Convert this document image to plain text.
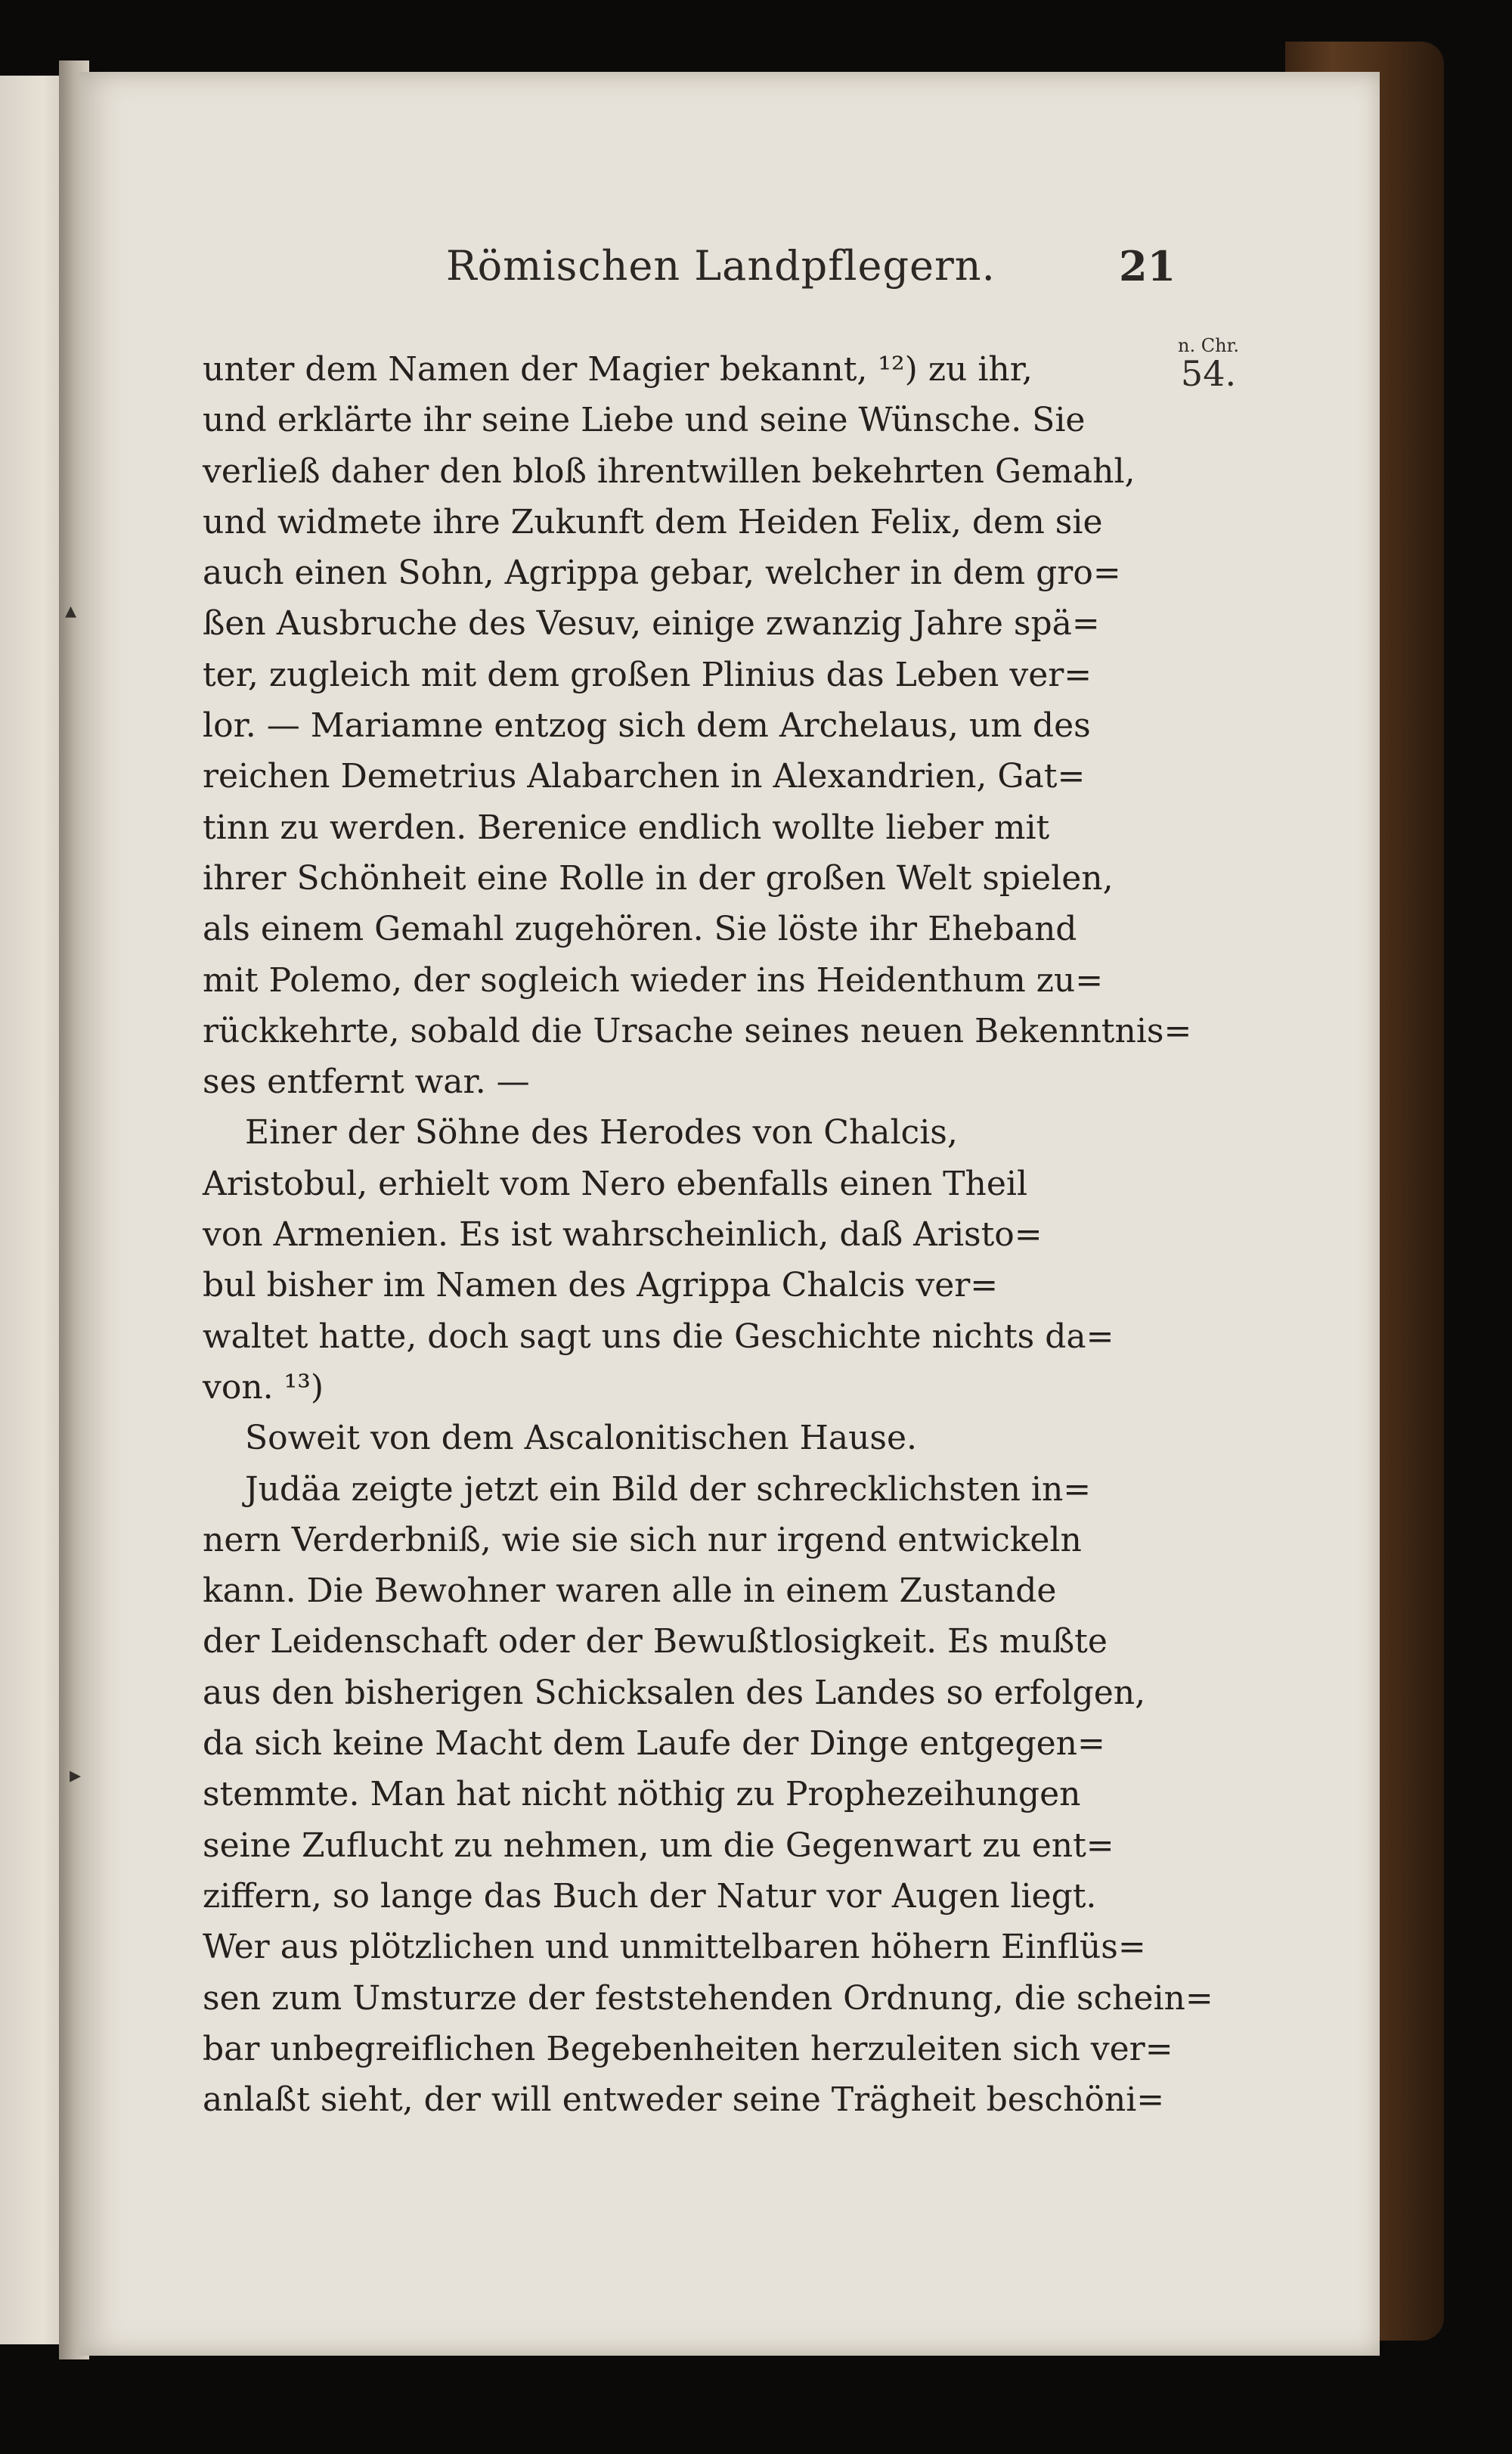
Römischen Landpflegern.	21
n. Chr.
54.
▴
▸
unter dem Namen der Magier bekannt, ¹²) zu ihr,
und erklärte ihr seine Liebe und seine Wünsche. Sie
verließ daher den bloß ihrentwillen bekehrten Gemahl,
und widmete ihre Zukunft dem Heiden Felix, dem sie
auch einen Sohn, Agrippa gebar, welcher in dem gro=
ßen Ausbruche des Vesuv, einige zwanzig Jahre spä=
ter, zugleich mit dem großen Plinius das Leben ver=
lor. — Mariamne entzog sich dem Archelaus, um des
reichen Demetrius Alabarchen in Alexandrien, Gat=
tinn zu werden. Berenice endlich wollte lieber mit
ihrer Schönheit eine Rolle in der großen Welt spielen,
als einem Gemahl zugehören. Sie löste ihr Eheband
mit Polemo, der sogleich wieder ins Heidenthum zu=
rückkehrte, sobald die Ursache seines neuen Bekenntnis=
ses entfernt war. —
Einer der Söhne des Herodes von Chalcis,
Aristobul, erhielt vom Nero ebenfalls einen Theil
von Armenien. Es ist wahrscheinlich, daß Aristo=
bul bisher im Namen des Agrippa Chalcis ver=
waltet hatte, doch sagt uns die Geschichte nichts da=
von. ¹³)
Soweit von dem Ascalonitischen Hause.
Judäa zeigte jetzt ein Bild der schrecklichsten in=
nern Verderbniß, wie sie sich nur irgend entwickeln
kann. Die Bewohner waren alle in einem Zustande
der Leidenschaft oder der Bewußtlosigkeit. Es mußte
aus den bisherigen Schicksalen des Landes so erfolgen,
da sich keine Macht dem Laufe der Dinge entgegen=
stemmte. Man hat nicht nöthig zu Prophezeihungen
seine Zuflucht zu nehmen, um die Gegenwart zu ent=
ziffern, so lange das Buch der Natur vor Augen liegt.
Wer aus plötzlichen und unmittelbaren höhern Einflüs=
sen zum Umsturze der feststehenden Ordnung, die schein=
bar unbegreiflichen Begebenheiten herzuleiten sich ver=
anlaßt sieht, der will entweder seine Trägheit beschöni=
